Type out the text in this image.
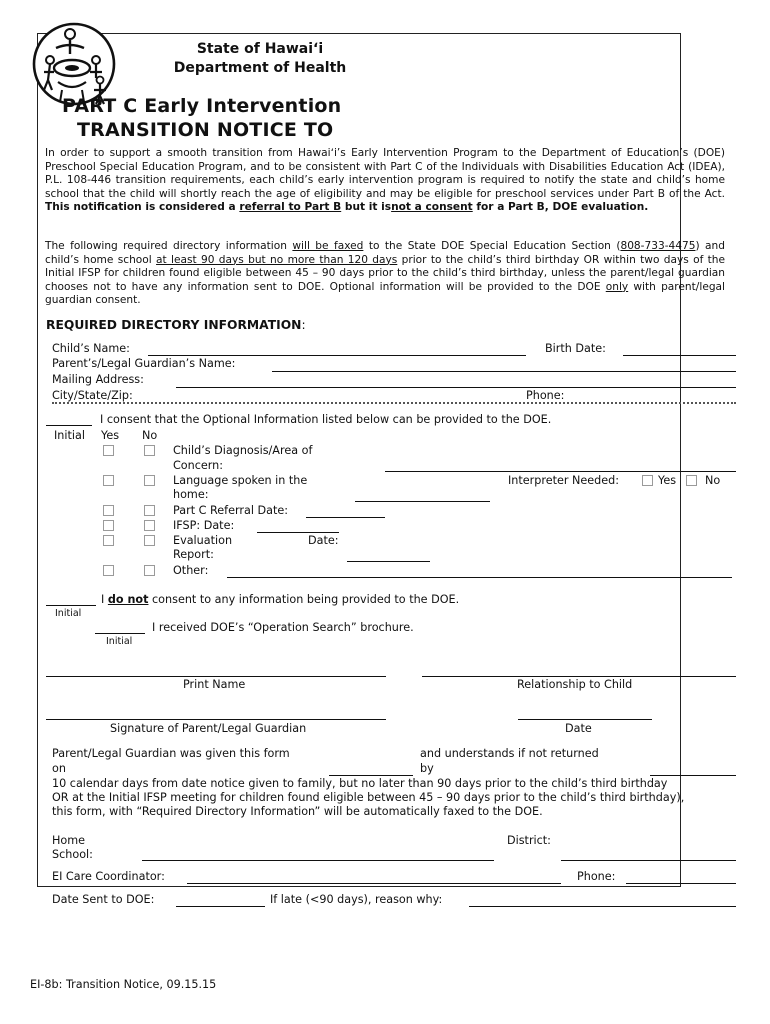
State of Hawaiʻi
Department of Health
PART C Early Intervention
TRANSITION NOTICE TO
In order to support a smooth transition from Hawaiʻi’s Early Intervention Program to the Department of Education’s (DOE) Preschool Special Education Program, and to be consistent with Part C of the Individuals with Disabilities Education Act (IDEA), P.L. 108-446 transition requirements, each child’s early intervention program is required to notify the state and child’s home school that the child will shortly reach the age of eligibility and may be eligible for preschool services under Part B of the Act. This notification is considered a referral to Part B but it isnot a consent for a Part B, DOE evaluation.
The following required directory information will be faxed to the State DOE Special Education Section (808-733-4475) and child’s home school at least 90 days but no more than 120 days prior to the child’s third birthday OR within two days of the Initial IFSP for children found eligible between 45 – 90 days prior to the child’s third birthday, unless the parent/legal guardian chooses not to have any information sent to DOE. Optional information will be provided to the DOE only with parent/legal guardian consent.
REQUIRED DIRECTORY INFORMATION:
Child’s Name:	Birth Date:
Parent’s/Legal Guardian’s Name:
Mailing Address:
City/State/Zip:	Phone:
I consent that the Optional Information listed below can be provided to the DOE.
Initial Yes No
Child’s Diagnosis/Area of
Concern:
Language spoken in the
home:
Interpreter Needed:	Yes	No
Part C Referral Date:
IFSP: Date:
Evaluation	Date:
Report:
Other:
I do not consent to any information being provided to the DOE.
Initial
I received DOE’s “Operation Search” brochure.
Initial
Print Name	Relationship to Child
Signature of Parent/Legal Guardian	Date
Parent/Legal Guardian was given this form
on
and understands if not returned
by
10 calendar days from date notice given to family, but no later than 90 days prior to the child’s third birthday
OR at the Initial IFSP meeting for children found eligible between 45 – 90 days prior to the child’s third birthday),
this form, with “Required Directory Information” will be automatically faxed to the DOE.
Home
School:
District:
EI Care Coordinator:	Phone:
Date Sent to DOE:	If late (<90 days), reason why:
EI-8b: Transition Notice, 09.15.15
